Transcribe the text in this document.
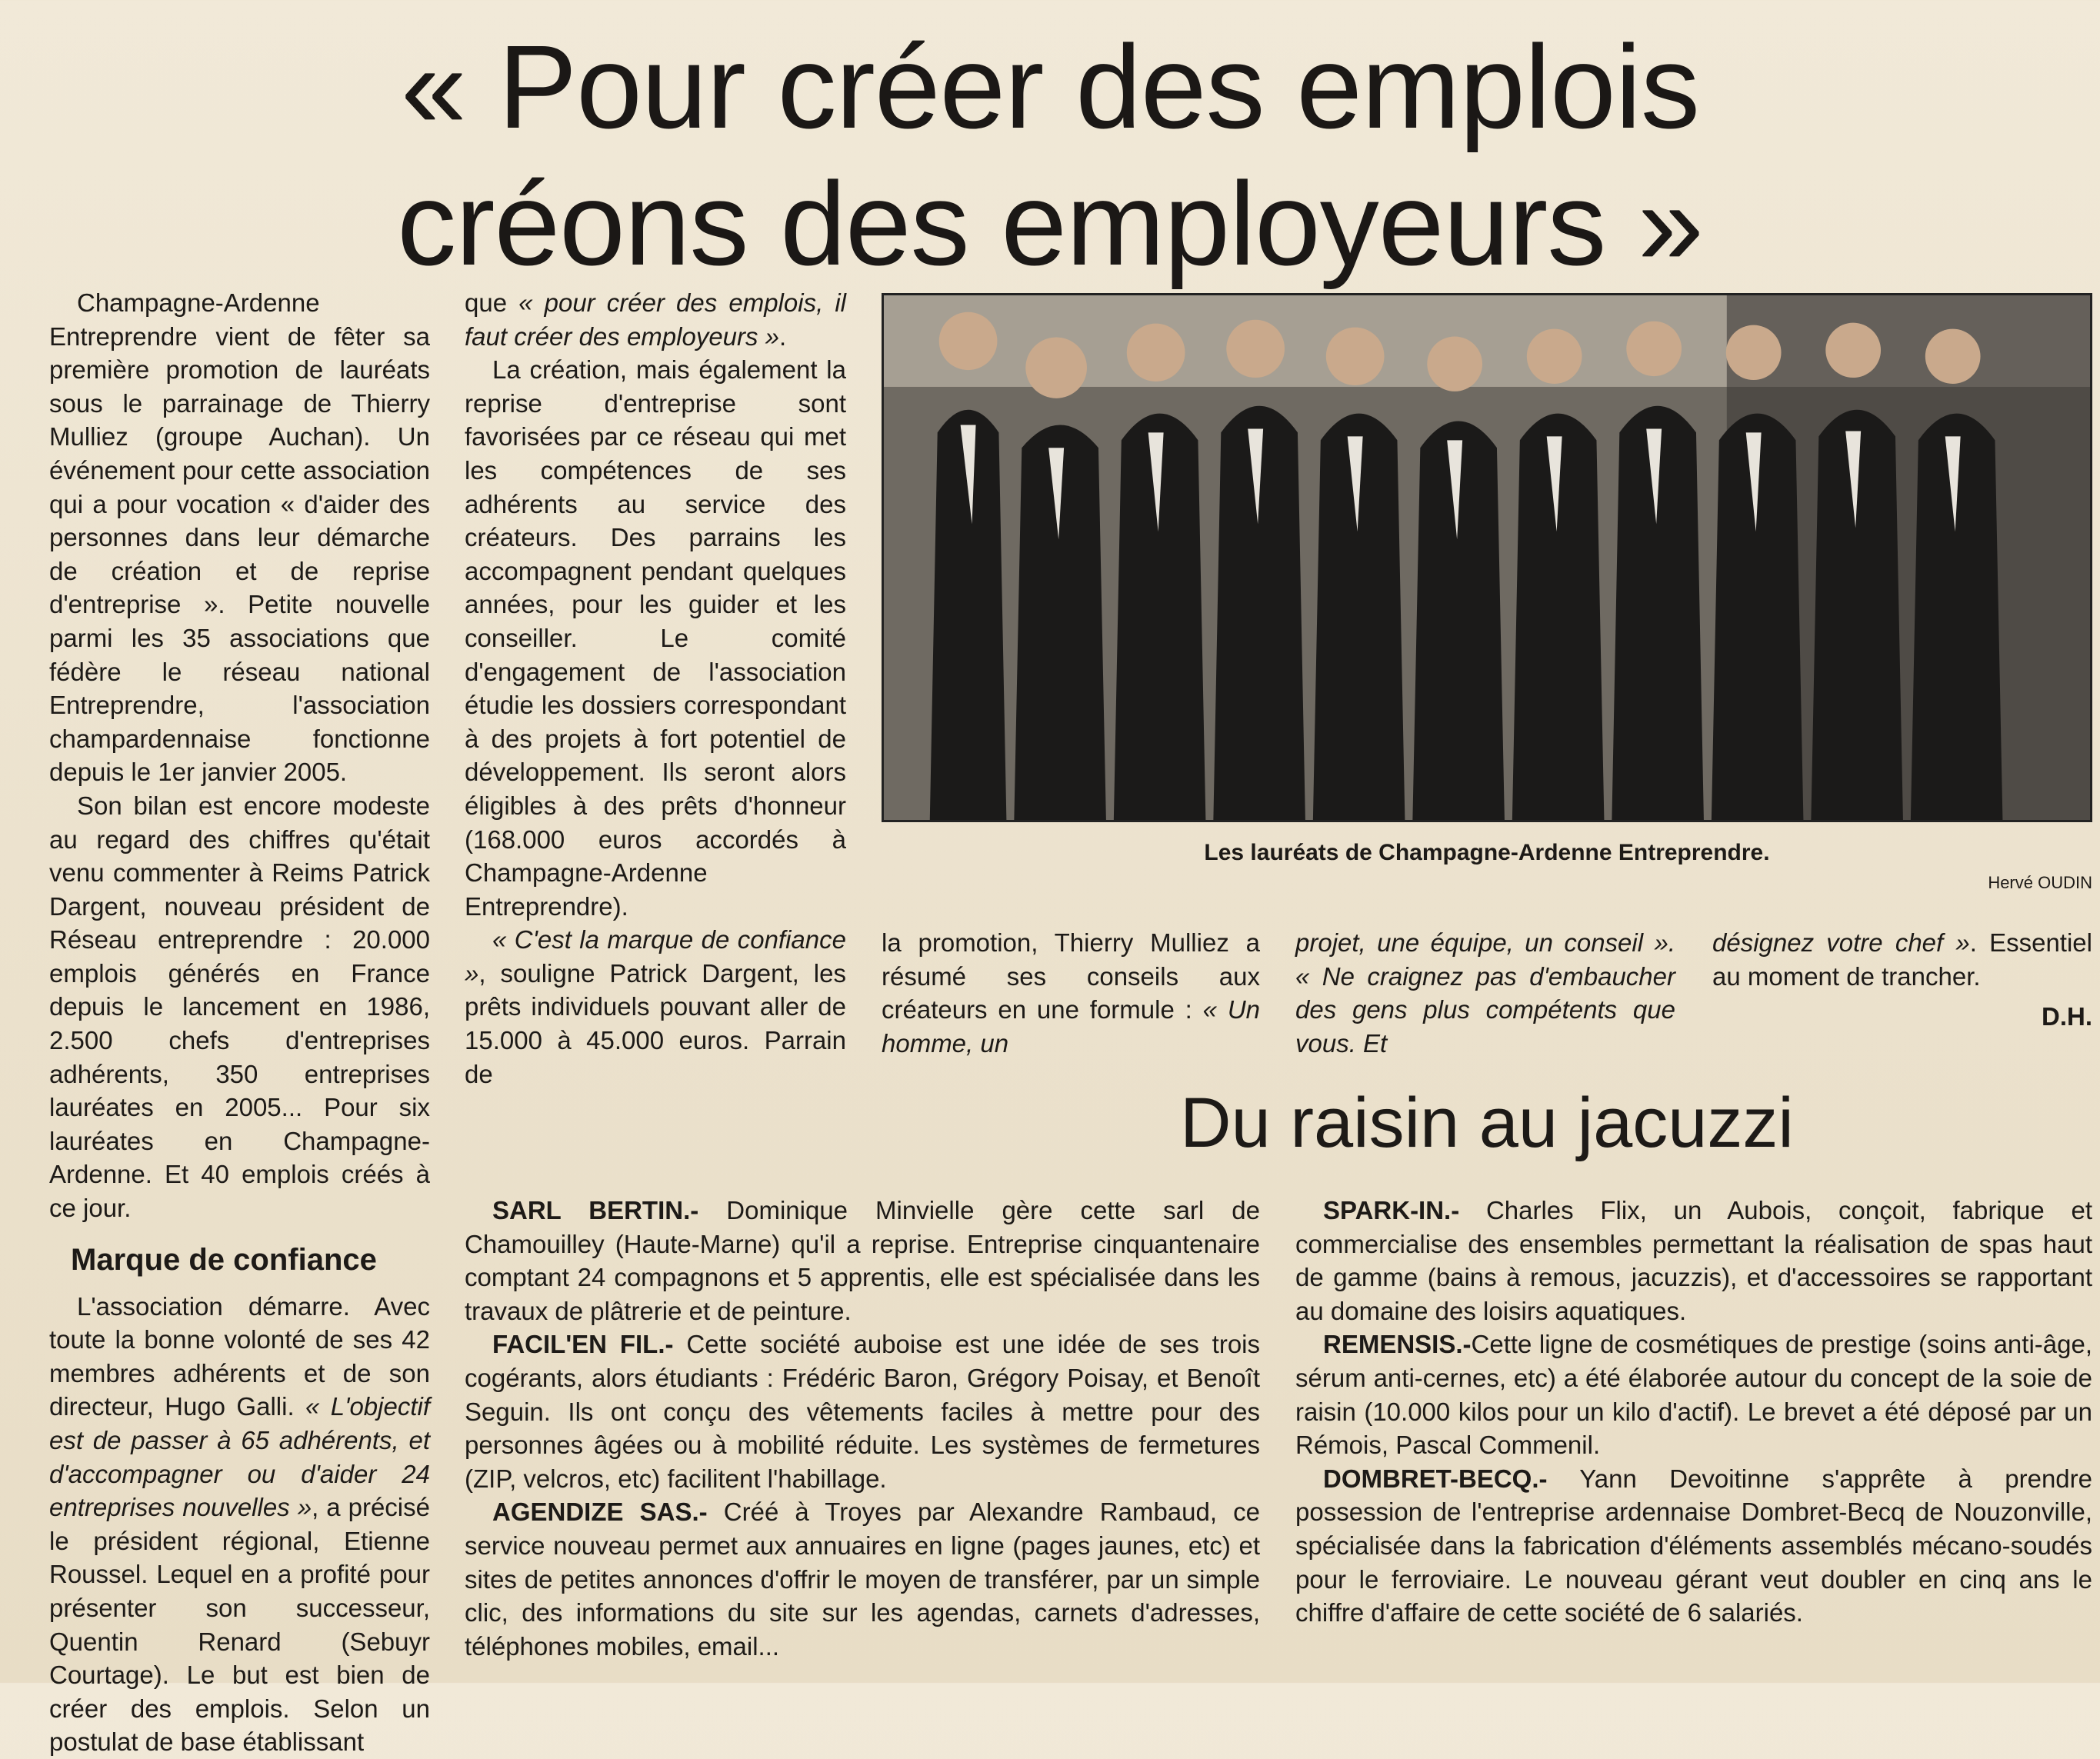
« Pour créer des emplois
créons des employeurs »

Champagne-Ardenne Entreprendre vient de fêter sa première promotion de lauréats sous le parrainage de Thierry Mulliez (groupe Auchan). Un événement pour cette association qui a pour vocation « d'aider des personnes dans leur démarche de création et de reprise d'entreprise ». Petite nouvelle parmi les 35 associations que fédère le réseau national Entreprendre, l'association champardennaise fonctionne depuis le 1er janvier 2005.

Son bilan est encore modeste au regard des chiffres qu'était venu commenter à Reims Patrick Dargent, nouveau président de Réseau entreprendre : 20.000 emplois générés en France depuis le lancement en 1986, 2.500 chefs d'entreprises adhérents, 350 entreprises lauréates en 2005... Pour six lauréates en Champagne-Ardenne. Et 40 emplois créés à ce jour.

Marque de confiance

L'association démarre. Avec toute la bonne volonté de ses 42 membres adhérents et de son directeur, Hugo Galli. « L'objectif est de passer à 65 adhérents, et d'accompagner ou d'aider 24 entreprises nouvelles », a précisé le président régional, Etienne Roussel. Lequel en a profité pour présenter son successeur, Quentin Renard (Sebuyr Courtage). Le but est bien de créer des emplois. Selon un postulat de base établissant

que « pour créer des emplois, il faut créer des employeurs ».

La création, mais également la reprise d'entreprise sont favorisées par ce réseau qui met les compétences de ses adhérents au service des créateurs. Des parrains les accompagnent pendant quelques années, pour les guider et les conseiller. Le comité d'engagement de l'association étudie les dossiers correspondant à des projets à fort potentiel de développement. Ils seront alors éligibles à des prêts d'honneur (168.000 euros accordés à Champagne-Ardenne Entreprendre).

« C'est la marque de confiance », souligne Patrick Dargent, les prêts individuels pouvant aller de 15.000 à 45.000 euros. Parrain de

Les lauréats de Champagne-Ardenne Entreprendre.
Hervé OUDIN

la promotion, Thierry Mulliez a résumé ses conseils aux créateurs en une formule : « Un homme, un

projet, une équipe, un conseil ». « Ne craignez pas d'embaucher des gens plus compétents que vous. Et

désignez votre chef ». Essentiel au moment de trancher.

D.H.
Du raisin au jacuzzi

SARL BERTIN.- Dominique Minvielle gère cette sarl de Chamouilley (Haute-Marne) qu'il a reprise. Entreprise cinquantenaire comptant 24 compagnons et 5 apprentis, elle est spécialisée dans les travaux de plâtrerie et de peinture.

FACIL'EN FIL.- Cette société auboise est une idée de ses trois cogérants, alors étudiants : Frédéric Baron, Grégory Poisay, et Benoît Seguin. Ils ont conçu des vêtements faciles à mettre pour des personnes âgées ou à mobilité réduite. Les systèmes de fermetures (ZIP, velcros, etc) facilitent l'habillage.

AGENDIZE SAS.- Créé à Troyes par Alexandre Rambaud, ce service nouveau permet aux annuaires en ligne (pages jaunes, etc) et sites de petites annonces d'offrir le moyen de transférer, par un simple clic, des informations du site sur les agendas, carnets d'adresses, téléphones mobiles, email...

SPARK-IN.- Charles Flix, un Aubois, conçoit, fabrique et commercialise des ensembles permettant la réalisation de spas haut de gamme (bains à remous, jacuzzis), et d'accessoires se rapportant au domaine des loisirs aquatiques.

REMENSIS.-Cette ligne de cosmétiques de prestige (soins anti-âge, sérum anti-cernes, etc) a été élaborée autour du concept de la soie de raisin (10.000 kilos pour un kilo d'actif). Le brevet a été déposé par un Rémois, Pascal Commenil.

DOMBRET-BECQ.- Yann Devoitinne s'apprête à prendre possession de l'entreprise ardennaise Dombret-Becq de Nouzonville, spécialisée dans la fabrication d'éléments assemblés mécano-soudés pour le ferroviaire. Le nouveau gérant veut doubler en cinq ans le chiffre d'affaire de cette société de 6 salariés.
